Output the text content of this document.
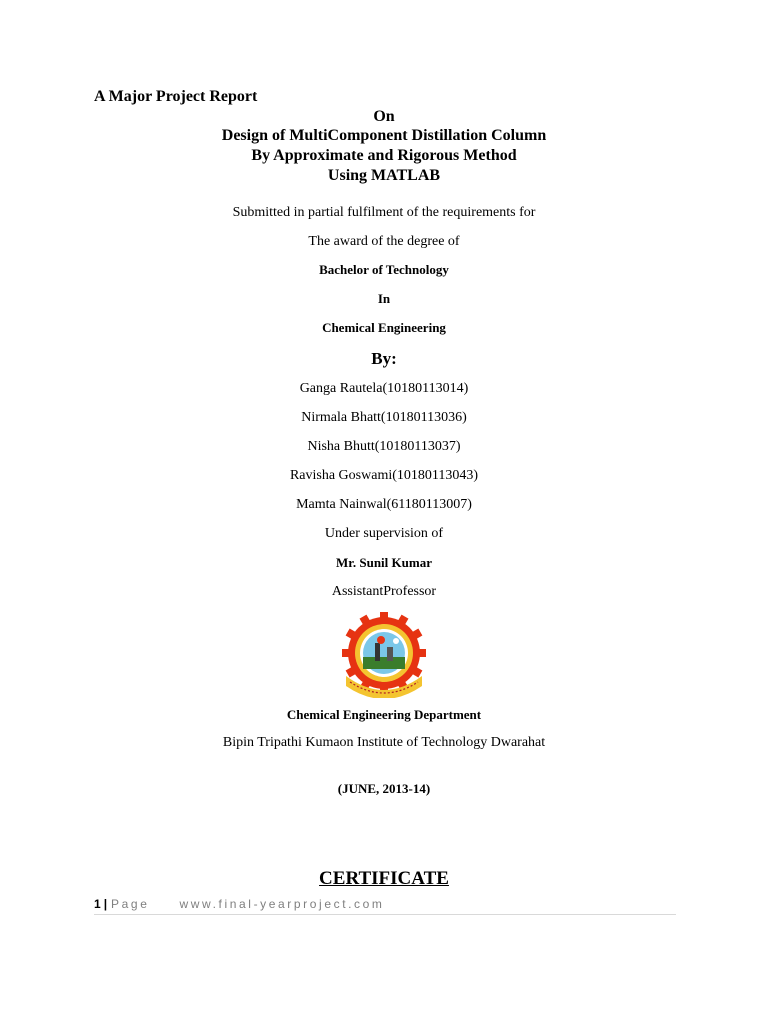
A Major Project Report
On
Design of MultiComponent Distillation Column
By Approximate and Rigorous Method
Using MATLAB
Submitted in partial fulfilment of the requirements for
The award of the degree of
Bachelor of Technology
In
Chemical Engineering
By:
Ganga Rautela(10180113014)
Nirmala Bhatt(10180113036)
Nisha Bhutt(10180113037)
Ravisha Goswami(10180113043)
Mamta Nainwal(61180113007)
Under supervision of
Mr. Sunil Kumar
AssistantProfessor
Chemical Engineering Department
Bipin Tripathi Kumaon Institute of Technology Dwarahat
(JUNE, 2013-14)
CERTIFICATE
1 | Page	www.final-yearproject.com
